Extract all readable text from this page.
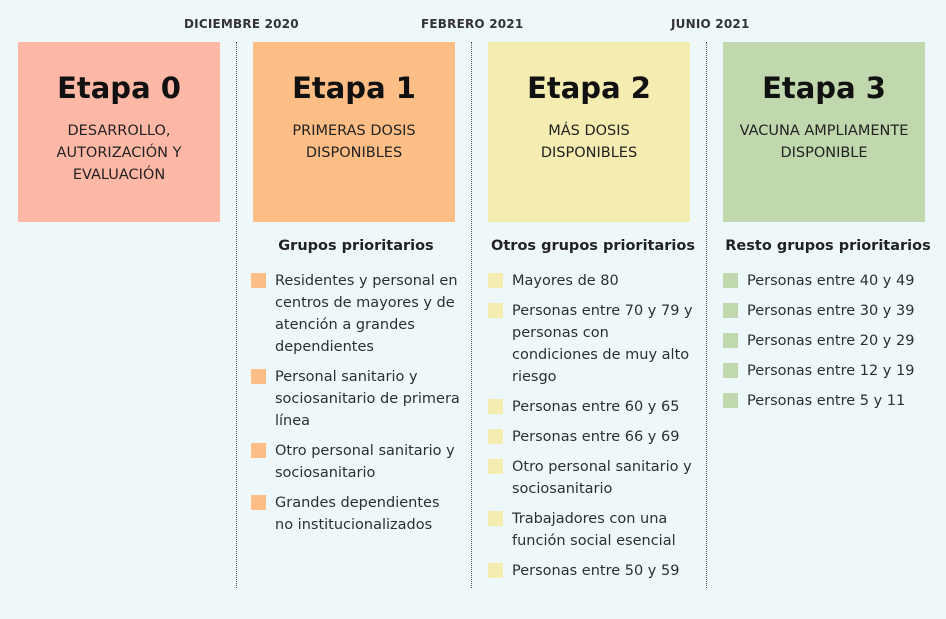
DICIEMBRE 2020	FEBRERO 2021	JUNIO 2021
Etapa 0
DESARROLLO, AUTORIZACIÓN Y EVALUACIÓN
Etapa 1
PRIMERAS DOSIS DISPONIBLES
Etapa 2
MÁS DOSIS DISPONIBLES
Etapa 3
VACUNA AMPLIAMENTE DISPONIBLE
Grupos prioritarios
Residentes y personal en centros de mayores y de atención a grandes dependientes
Personal sanitario y sociosanitario de primera línea
Otro personal sanitario y sociosanitario
Grandes dependientes no institucionalizados
Otros grupos prioritarios
Mayores de 80
Personas entre 70 y 79 y personas con condiciones de muy alto riesgo
Personas entre 60 y 65
Personas entre 66 y 69
Otro personal sanitario y sociosanitario
Trabajadores con una función social esencial
Personas entre 50 y 59
Resto grupos prioritarios
Personas entre 40 y 49
Personas entre 30 y 39
Personas entre 20 y 29
Personas entre 12 y 19
Personas entre 5 y 11
